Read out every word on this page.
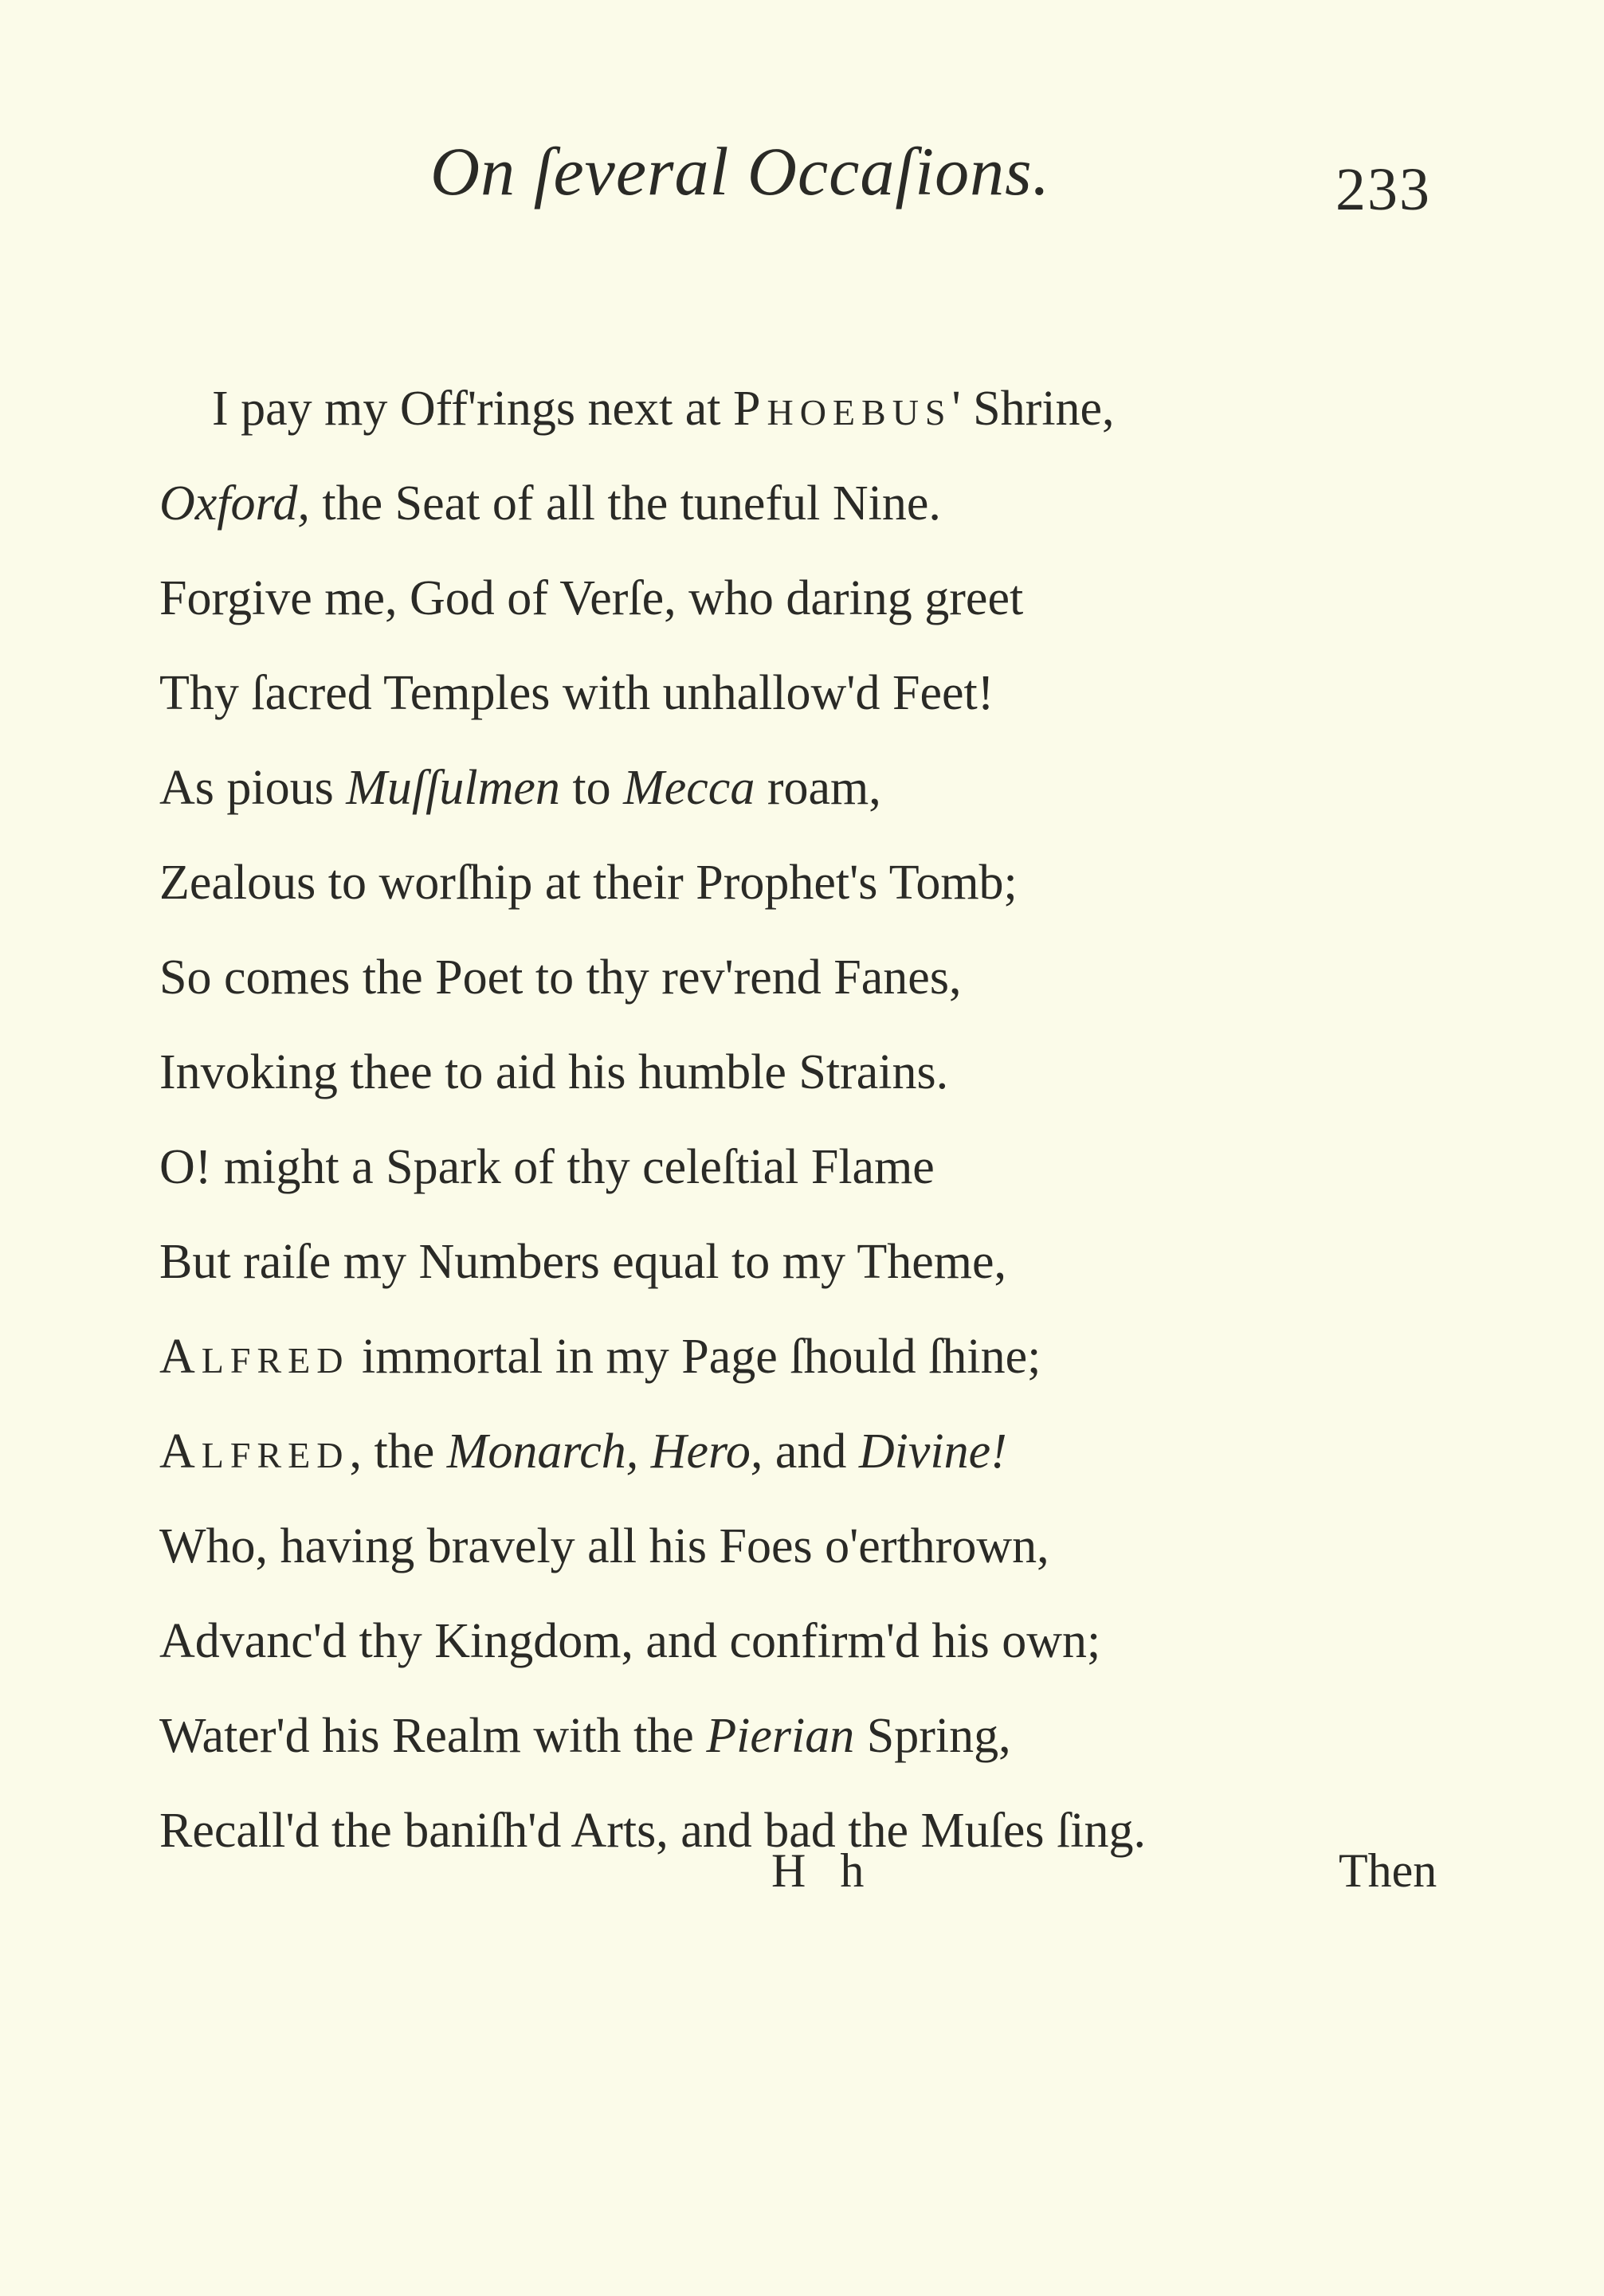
On ſeveral Occaſions.	233
I pay my Off'rings next at PHOEBUS' Shrine,
Oxford, the Seat of all the tuneful Nine.
Forgive me, God of Verſe, who daring greet
Thy ſacred Temples with unhallow'd Feet!
As pious Muſſulmen to Mecca roam,
Zealous to worſhip at their Prophet's Tomb;
So comes the Poet to thy rev'rend Fanes,
Invoking thee to aid his humble Strains.
O! might a Spark of thy celeſtial Flame
But raiſe my Numbers equal to my Theme,
ALFRED immortal in my Page ſhould ſhine;
ALFRED, the Monarch, Hero, and Divine!
Who, having bravely all his Foes o'erthrown,
Advanc'd thy Kingdom, and confirm'd his own;
Water'd his Realm with the Pierian Spring,
Recall'd the baniſh'd Arts, and bad the Muſes ſing.
H h	Then
